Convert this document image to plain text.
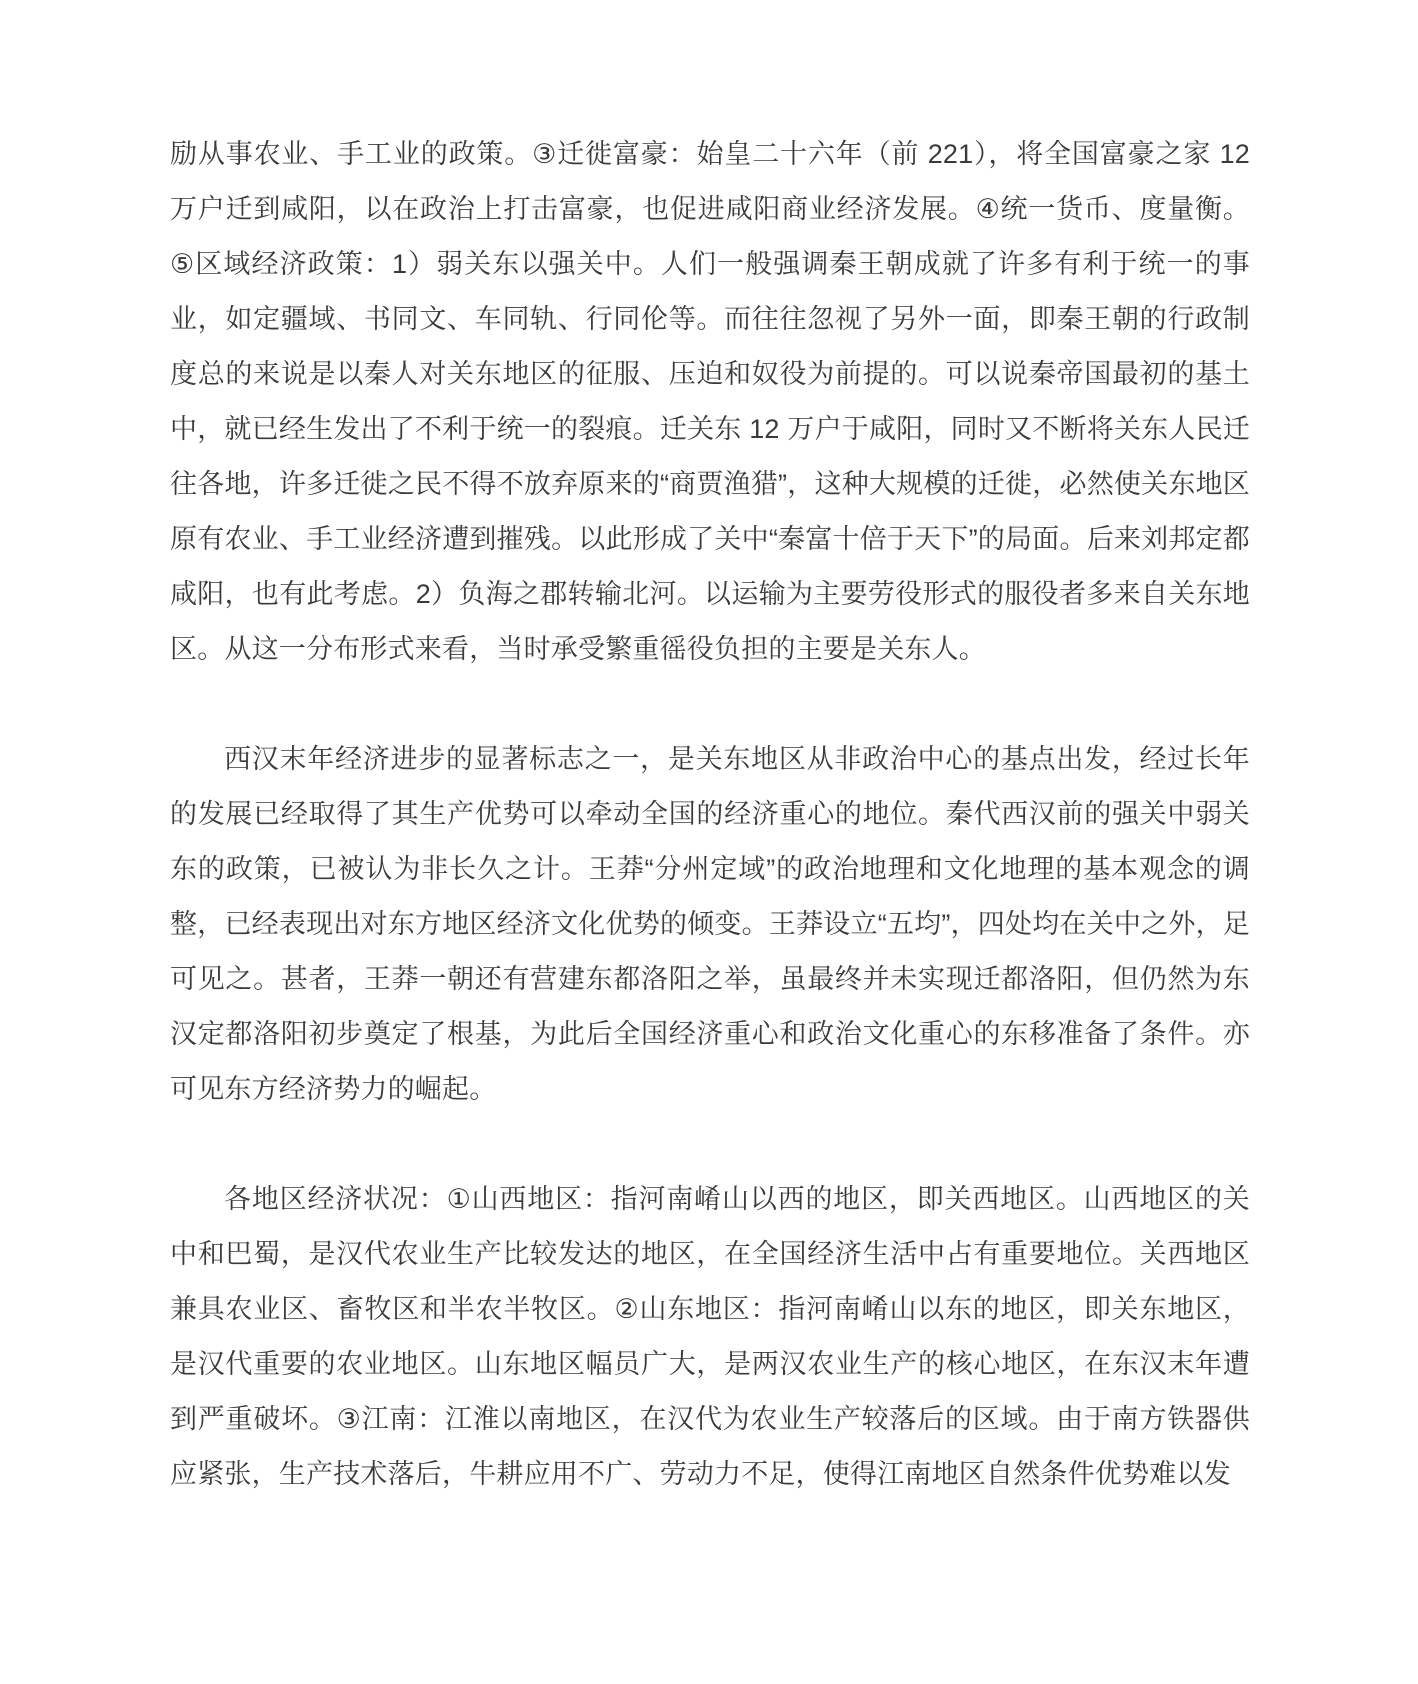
励从事农业、手工业的政策。③迁徙富豪：始皇二十六年（前 221），将全国富豪之家 12 万户迁到咸阳，以在政治上打击富豪，也促进咸阳商业经济发展。④统一货币、度量衡。⑤区域经济政策：1）弱关东以强关中。人们一般强调秦王朝成就了许多有利于统一的事业，如定疆域、书同文、车同轨、行同伦等。而往往忽视了另外一面，即秦王朝的行政制度总的来说是以秦人对关东地区的征服、压迫和奴役为前提的。可以说秦帝国最初的基土中，就已经生发出了不利于统一的裂痕。迁关东 12 万户于咸阳，同时又不断将关东人民迁往各地，许多迁徙之民不得不放弃原来的“商贾渔猎”，这种大规模的迁徙，必然使关东地区原有农业、手工业经济遭到摧残。以此形成了关中“秦富十倍于天下”的局面。后来刘邦定都咸阳，也有此考虑。2）负海之郡转输北河。以运输为主要劳役形式的服役者多来自关东地区。从这一分布形式来看，当时承受繁重徭役负担的主要是关东人。

西汉末年经济进步的显著标志之一，是关东地区从非政治中心的基点出发，经过长年的发展已经取得了其生产优势可以牵动全国的经济重心的地位。秦代西汉前的强关中弱关东的政策，已被认为非长久之计。王莽“分州定域”的政治地理和文化地理的基本观念的调整，已经表现出对东方地区经济文化优势的倾变。王莽设立“五均”，四处均在关中之外，足可见之。甚者，王莽一朝还有营建东都洛阳之举，虽最终并未实现迁都洛阳，但仍然为东汉定都洛阳初步奠定了根基，为此后全国经济重心和政治文化重心的东移准备了条件。亦可见东方经济势力的崛起。

各地区经济状况：①山西地区：指河南崤山以西的地区，即关西地区。山西地区的关中和巴蜀，是汉代农业生产比较发达的地区，在全国经济生活中占有重要地位。关西地区兼具农业区、畜牧区和半农半牧区。②山东地区：指河南崤山以东的地区，即关东地区，是汉代重要的农业地区。山东地区幅员广大，是两汉农业生产的核心地区，在东汉末年遭到严重破坏。③江南：江淮以南地区，在汉代为农业生产较落后的区域。由于南方铁器供应紧张，生产技术落后，牛耕应用不广、劳动力不足，使得江南地区自然条件优势难以发
